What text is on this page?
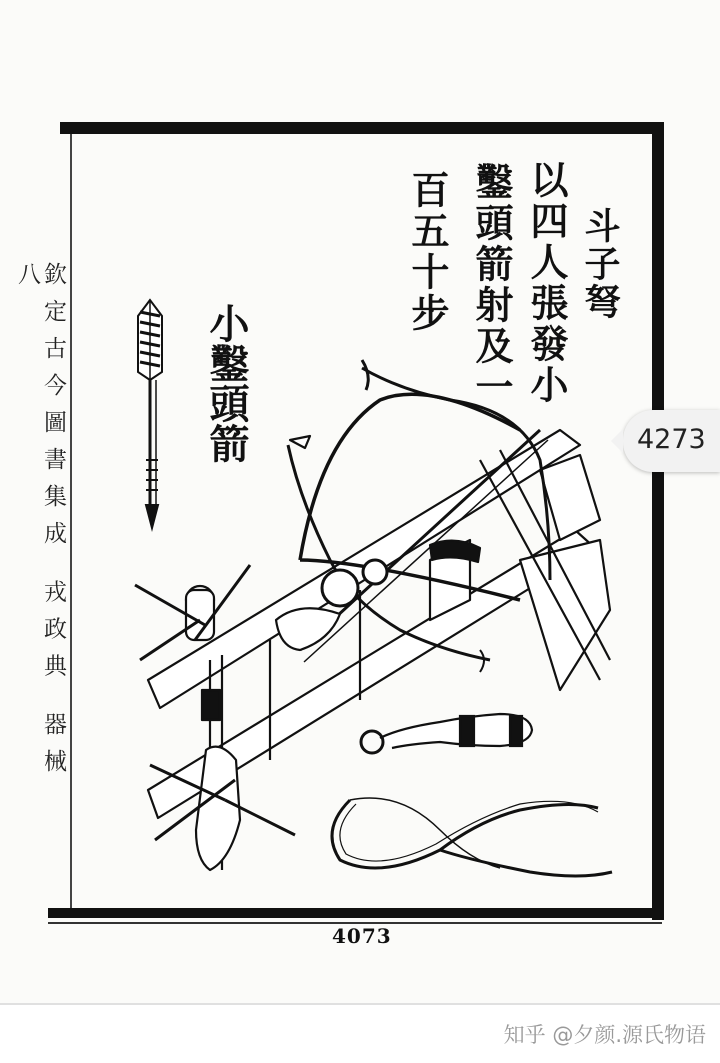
欽定古今圖書集成 戎政典 器械 八	斗子弩
以四人張發小
鑿頭箭射及一
百五十步
小鑿頭箭
4073
4273
知乎 @夕颜.源氏物语
